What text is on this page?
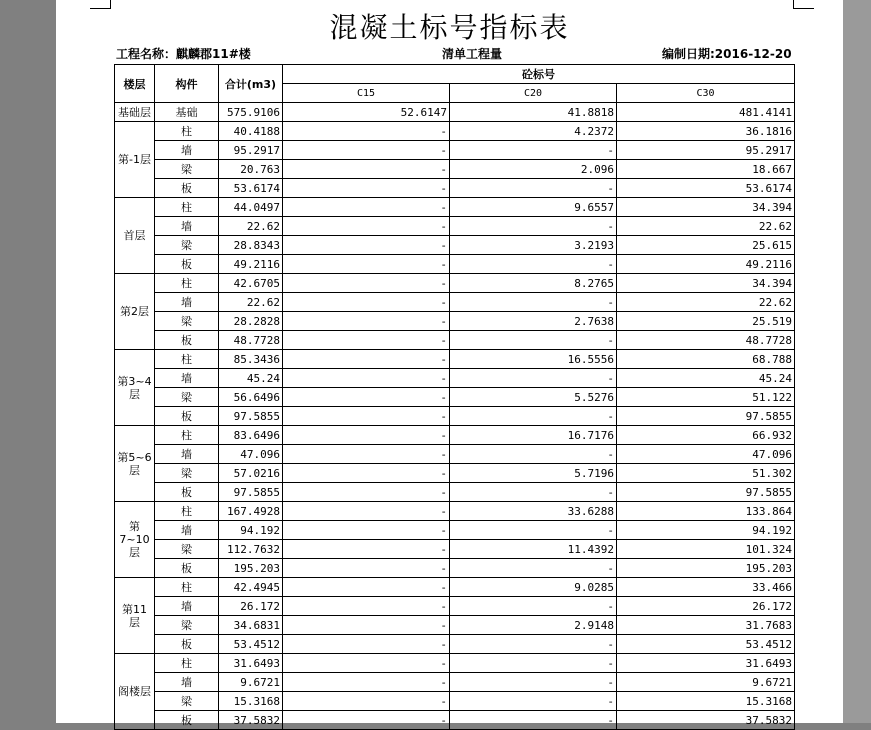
混凝土标号指标表
工程名称：麒麟郡11#楼	清单工程量	编制日期:2016-12-20
楼层	构件	合计(m3)	砼标号		
			C15	C20	C30
基础层	基础	575.9106	52.6147	41.8818	481.4141
第-1层	柱	40.4188	-	4.2372	36.1816
	墙	95.2917	-	-	95.2917
	梁	20.763	-	2.096	18.667
	板	53.6174	-	-	53.6174
首层	柱	44.0497	-	9.6557	34.394
	墙	22.62	-	-	22.62
	梁	28.8343	-	3.2193	25.615
	板	49.2116	-	-	49.2116
第2层	柱	42.6705	-	8.2765	34.394
	墙	22.62	-	-	22.62
	梁	28.2828	-	2.7638	25.519
	板	48.7728	-	-	48.7728
第3~4层	柱	85.3436	-	16.5556	68.788
	墙	45.24	-	-	45.24
	梁	56.6496	-	5.5276	51.122
	板	97.5855	-	-	97.5855
第5~6层	柱	83.6496	-	16.7176	66.932
	墙	47.096	-	-	47.096
	梁	57.0216	-	5.7196	51.302
	板	97.5855	-	-	97.5855
第7~10层	柱	167.4928	-	33.6288	133.864
	墙	94.192	-	-	94.192
	梁	112.7632	-	11.4392	101.324
	板	195.203	-	-	195.203
第11层	柱	42.4945	-	9.0285	33.466
	墙	26.172	-	-	26.172
	梁	34.6831	-	2.9148	31.7683
	板	53.4512	-	-	53.4512
阁楼层	柱	31.6493	-	-	31.6493
	墙	9.6721	-	-	9.6721
	梁	15.3168	-	-	15.3168
	板	37.5832	-	-	37.5832
